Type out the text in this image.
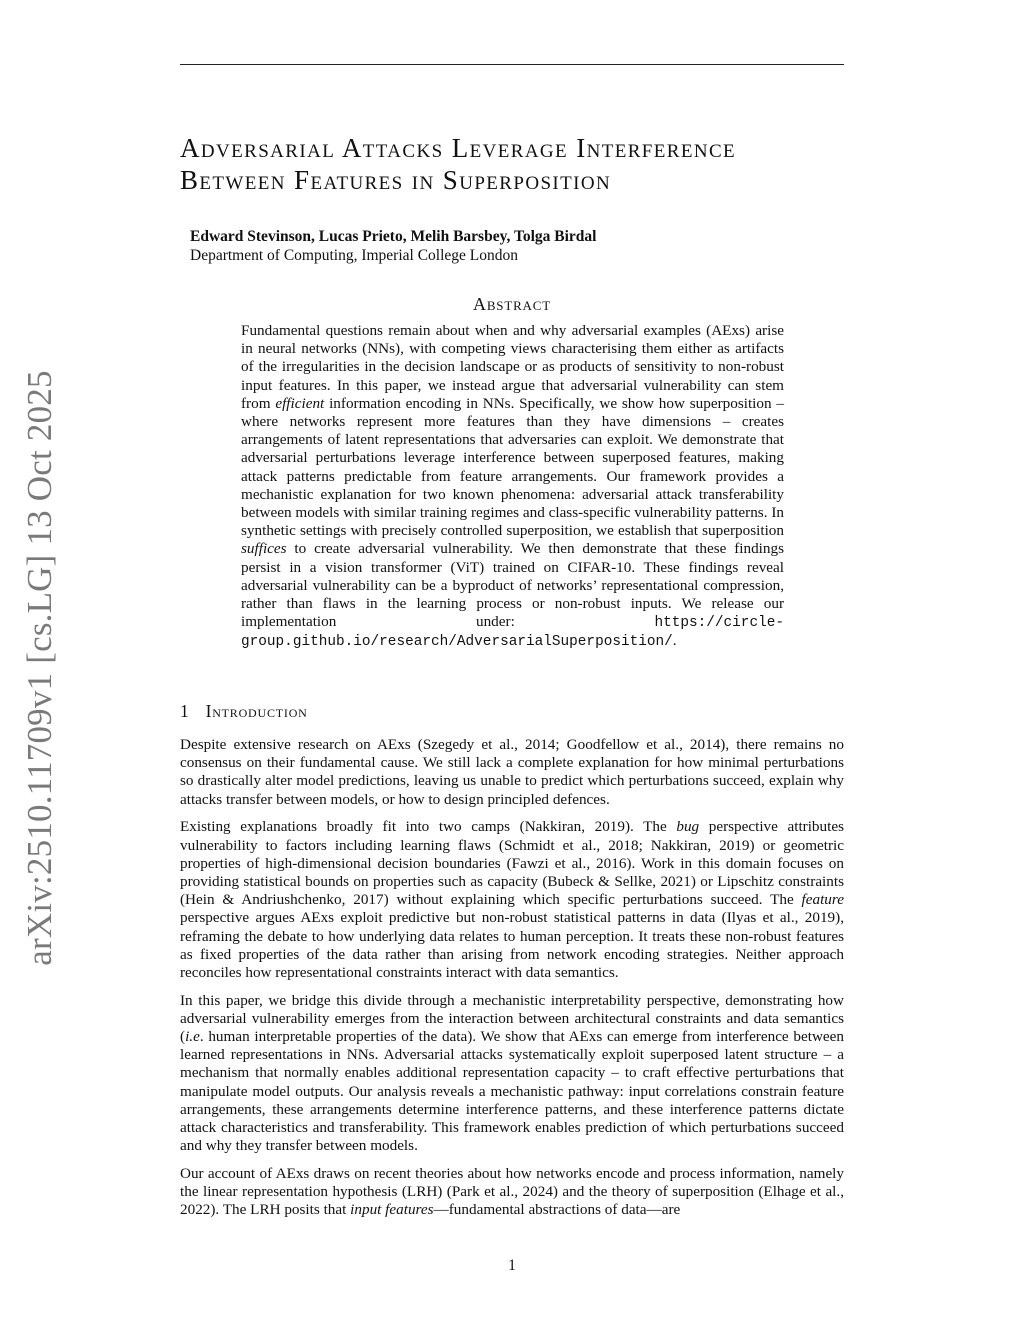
arXiv:2510.11709v1 [cs.LG] 13 Oct 2025
Adversarial Attacks Leverage Interference
Between Features in Superposition
Edward Stevinson, Lucas Prieto, Melih Barsbey, Tolga Birdal
Department of Computing, Imperial College London
Abstract

Fundamental questions remain about when and why adversarial examples (AExs) arise in neural networks (NNs), with competing views characterising them either as artifacts of the irregularities in the decision landscape or as products of sensitivity to non-robust input features. In this paper, we instead argue that adversarial vulnerability can stem from efficient information encoding in NNs. Specifically, we show how superposition – where networks represent more features than they have dimensions – creates arrangements of latent representations that adversaries can exploit. We demonstrate that adversarial perturbations leverage interference between superposed features, making attack patterns predictable from feature arrangements. Our framework provides a mechanistic explanation for two known phenomena: adversarial attack transferability between models with similar training regimes and class-specific vulnerability patterns. In synthetic settings with precisely controlled superposition, we establish that superposition suffices to create adversarial vulnerability. We then demonstrate that these findings persist in a vision transformer (ViT) trained on CIFAR-10. These findings reveal adversarial vulnerability can be a byproduct of networks’ representational compression, rather than flaws in the learning process or non-robust inputs. We release our implementation under: https://circle-group.github.io/research/AdversarialSuperposition/.

1 Introduction

Despite extensive research on AExs (Szegedy et al., 2014; Goodfellow et al., 2014), there remains no consensus on their fundamental cause. We still lack a complete explanation for how minimal perturbations so drastically alter model predictions, leaving us unable to predict which perturbations succeed, explain why attacks transfer between models, or how to design principled defences.

Existing explanations broadly fit into two camps (Nakkiran, 2019). The bug perspective attributes vulnerability to factors including learning flaws (Schmidt et al., 2018; Nakkiran, 2019) or geometric properties of high-dimensional decision boundaries (Fawzi et al., 2016). Work in this domain focuses on providing statistical bounds on properties such as capacity (Bubeck & Sellke, 2021) or Lipschitz constraints (Hein & Andriushchenko, 2017) without explaining which specific perturbations succeed. The feature perspective argues AExs exploit predictive but non-robust statistical patterns in data (Ilyas et al., 2019), reframing the debate to how underlying data relates to human perception. It treats these non-robust features as fixed properties of the data rather than arising from network encoding strategies. Neither approach reconciles how representational constraints interact with data semantics.

In this paper, we bridge this divide through a mechanistic interpretability perspective, demonstrating how adversarial vulnerability emerges from the interaction between architectural constraints and data semantics (i.e. human interpretable properties of the data). We show that AExs can emerge from interference between learned representations in NNs. Adversarial attacks systematically exploit superposed latent structure – a mechanism that normally enables additional representation capacity – to craft effective perturbations that manipulate model outputs. Our analysis reveals a mechanistic pathway: input correlations constrain feature arrangements, these arrangements determine interference patterns, and these interference patterns dictate attack characteristics and transferability. This framework enables prediction of which perturbations succeed and why they transfer between models.

Our account of AExs draws on recent theories about how networks encode and process information, namely the linear representation hypothesis (LRH) (Park et al., 2024) and the theory of superposition (Elhage et al., 2022). The LRH posits that input features—fundamental abstractions of data—are

1
